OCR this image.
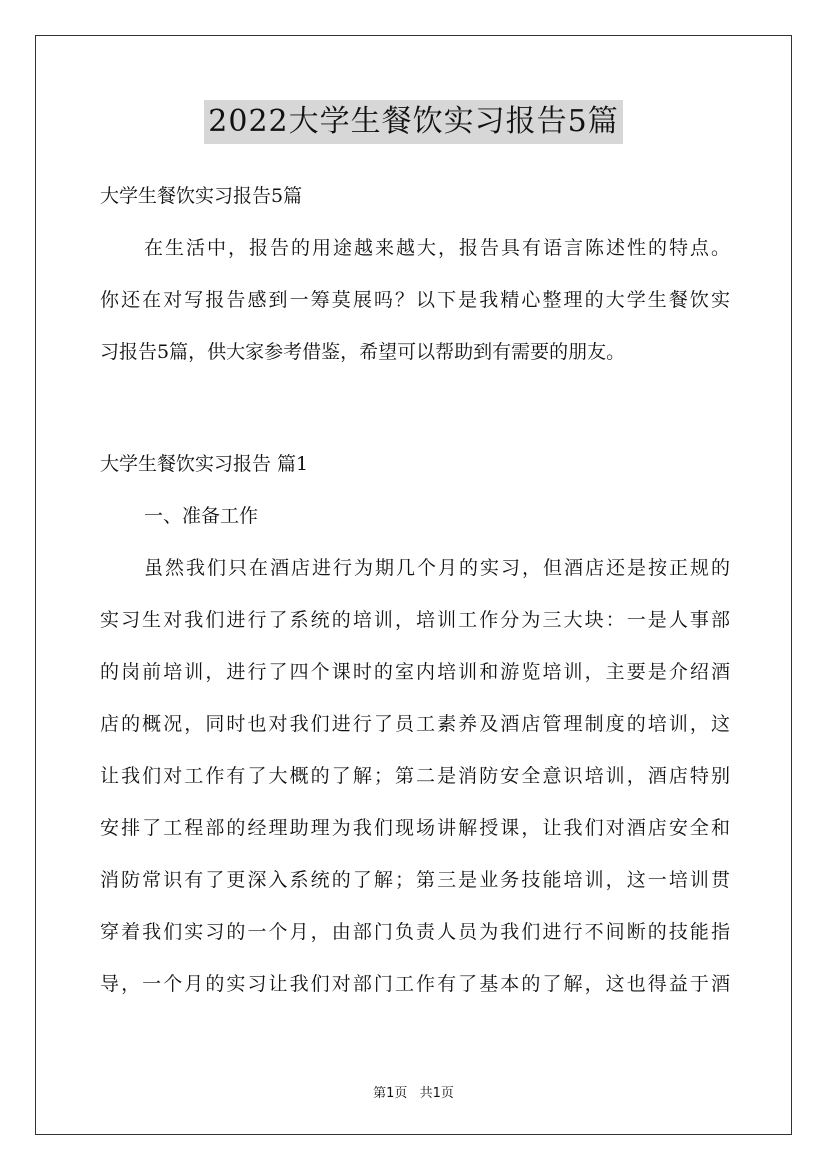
2022大学生餐饮实习报告5篇

大学生餐饮实习报告5篇

在生活中，报告的用途越来越大，报告具有语言陈述性的特点。

你还在对写报告感到一筹莫展吗？以下是我精心整理的大学生餐饮实

习报告5篇，供大家参考借鉴，希望可以帮助到有需要的朋友。

大学生餐饮实习报告 篇1

一、准备工作

虽然我们只在酒店进行为期几个月的实习，但酒店还是按正规的

实习生对我们进行了系统的培训，培训工作分为三大块：一是人事部

的岗前培训，进行了四个课时的室内培训和游览培训，主要是介绍酒

店的概况，同时也对我们进行了员工素养及酒店管理制度的培训，这

让我们对工作有了大概的了解；第二是消防安全意识培训，酒店特别

安排了工程部的经理助理为我们现场讲解授课，让我们对酒店安全和

消防常识有了更深入系统的了解；第三是业务技能培训，这一培训贯

穿着我们实习的一个月，由部门负责人员为我们进行不间断的技能指

导，一个月的实习让我们对部门工作有了基本的了解，这也得益于酒

第1页 共1页
